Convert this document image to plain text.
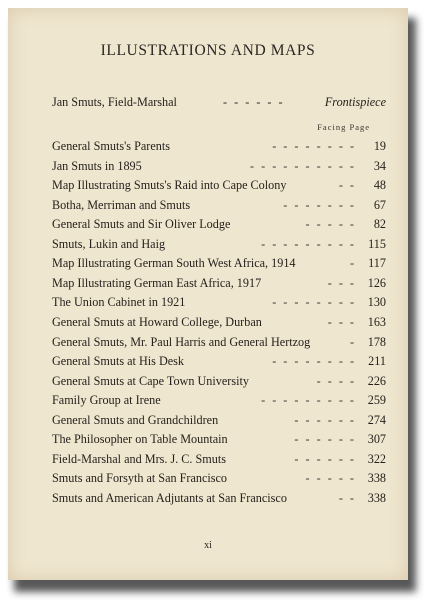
ILLUSTRATIONS AND MAPS
Jan Smuts, Field-Marshal	- - - - - -	Frontispiece
Facing Page
- - - - - - - -
General Smuts's Parents	19
- - - - - - - - - -
Jan Smuts in 1895	34
- -
Map Illustrating Smuts's Raid into Cape Colony	48
- - - - - - -
Botha, Merriman and Smuts	67
- - - - -
General Smuts and Sir Oliver Lodge	82
- - - - - - - - -
Smuts, Lukin and Haig	115
-
Map Illustrating German South West Africa, 1914	117
- - -
Map Illustrating German East Africa, 1917	126
- - - - - - - -
The Union Cabinet in 1921	130
- - -
General Smuts at Howard College, Durban	163
-
General Smuts, Mr. Paul Harris and General Hertzog	178
- - - - - - - -
General Smuts at His Desk	211
- - - -
General Smuts at Cape Town University	226
- - - - - - - - -
Family Group at Irene	259
- - - - - -
General Smuts and Grandchildren	274
- - - - - -
The Philosopher on Table Mountain	307
- - - - - -
Field-Marshal and Mrs. J. C. Smuts	322
- - - - -
Smuts and Forsyth at San Francisco	338
- -
Smuts and American Adjutants at San Francisco	338
xi
